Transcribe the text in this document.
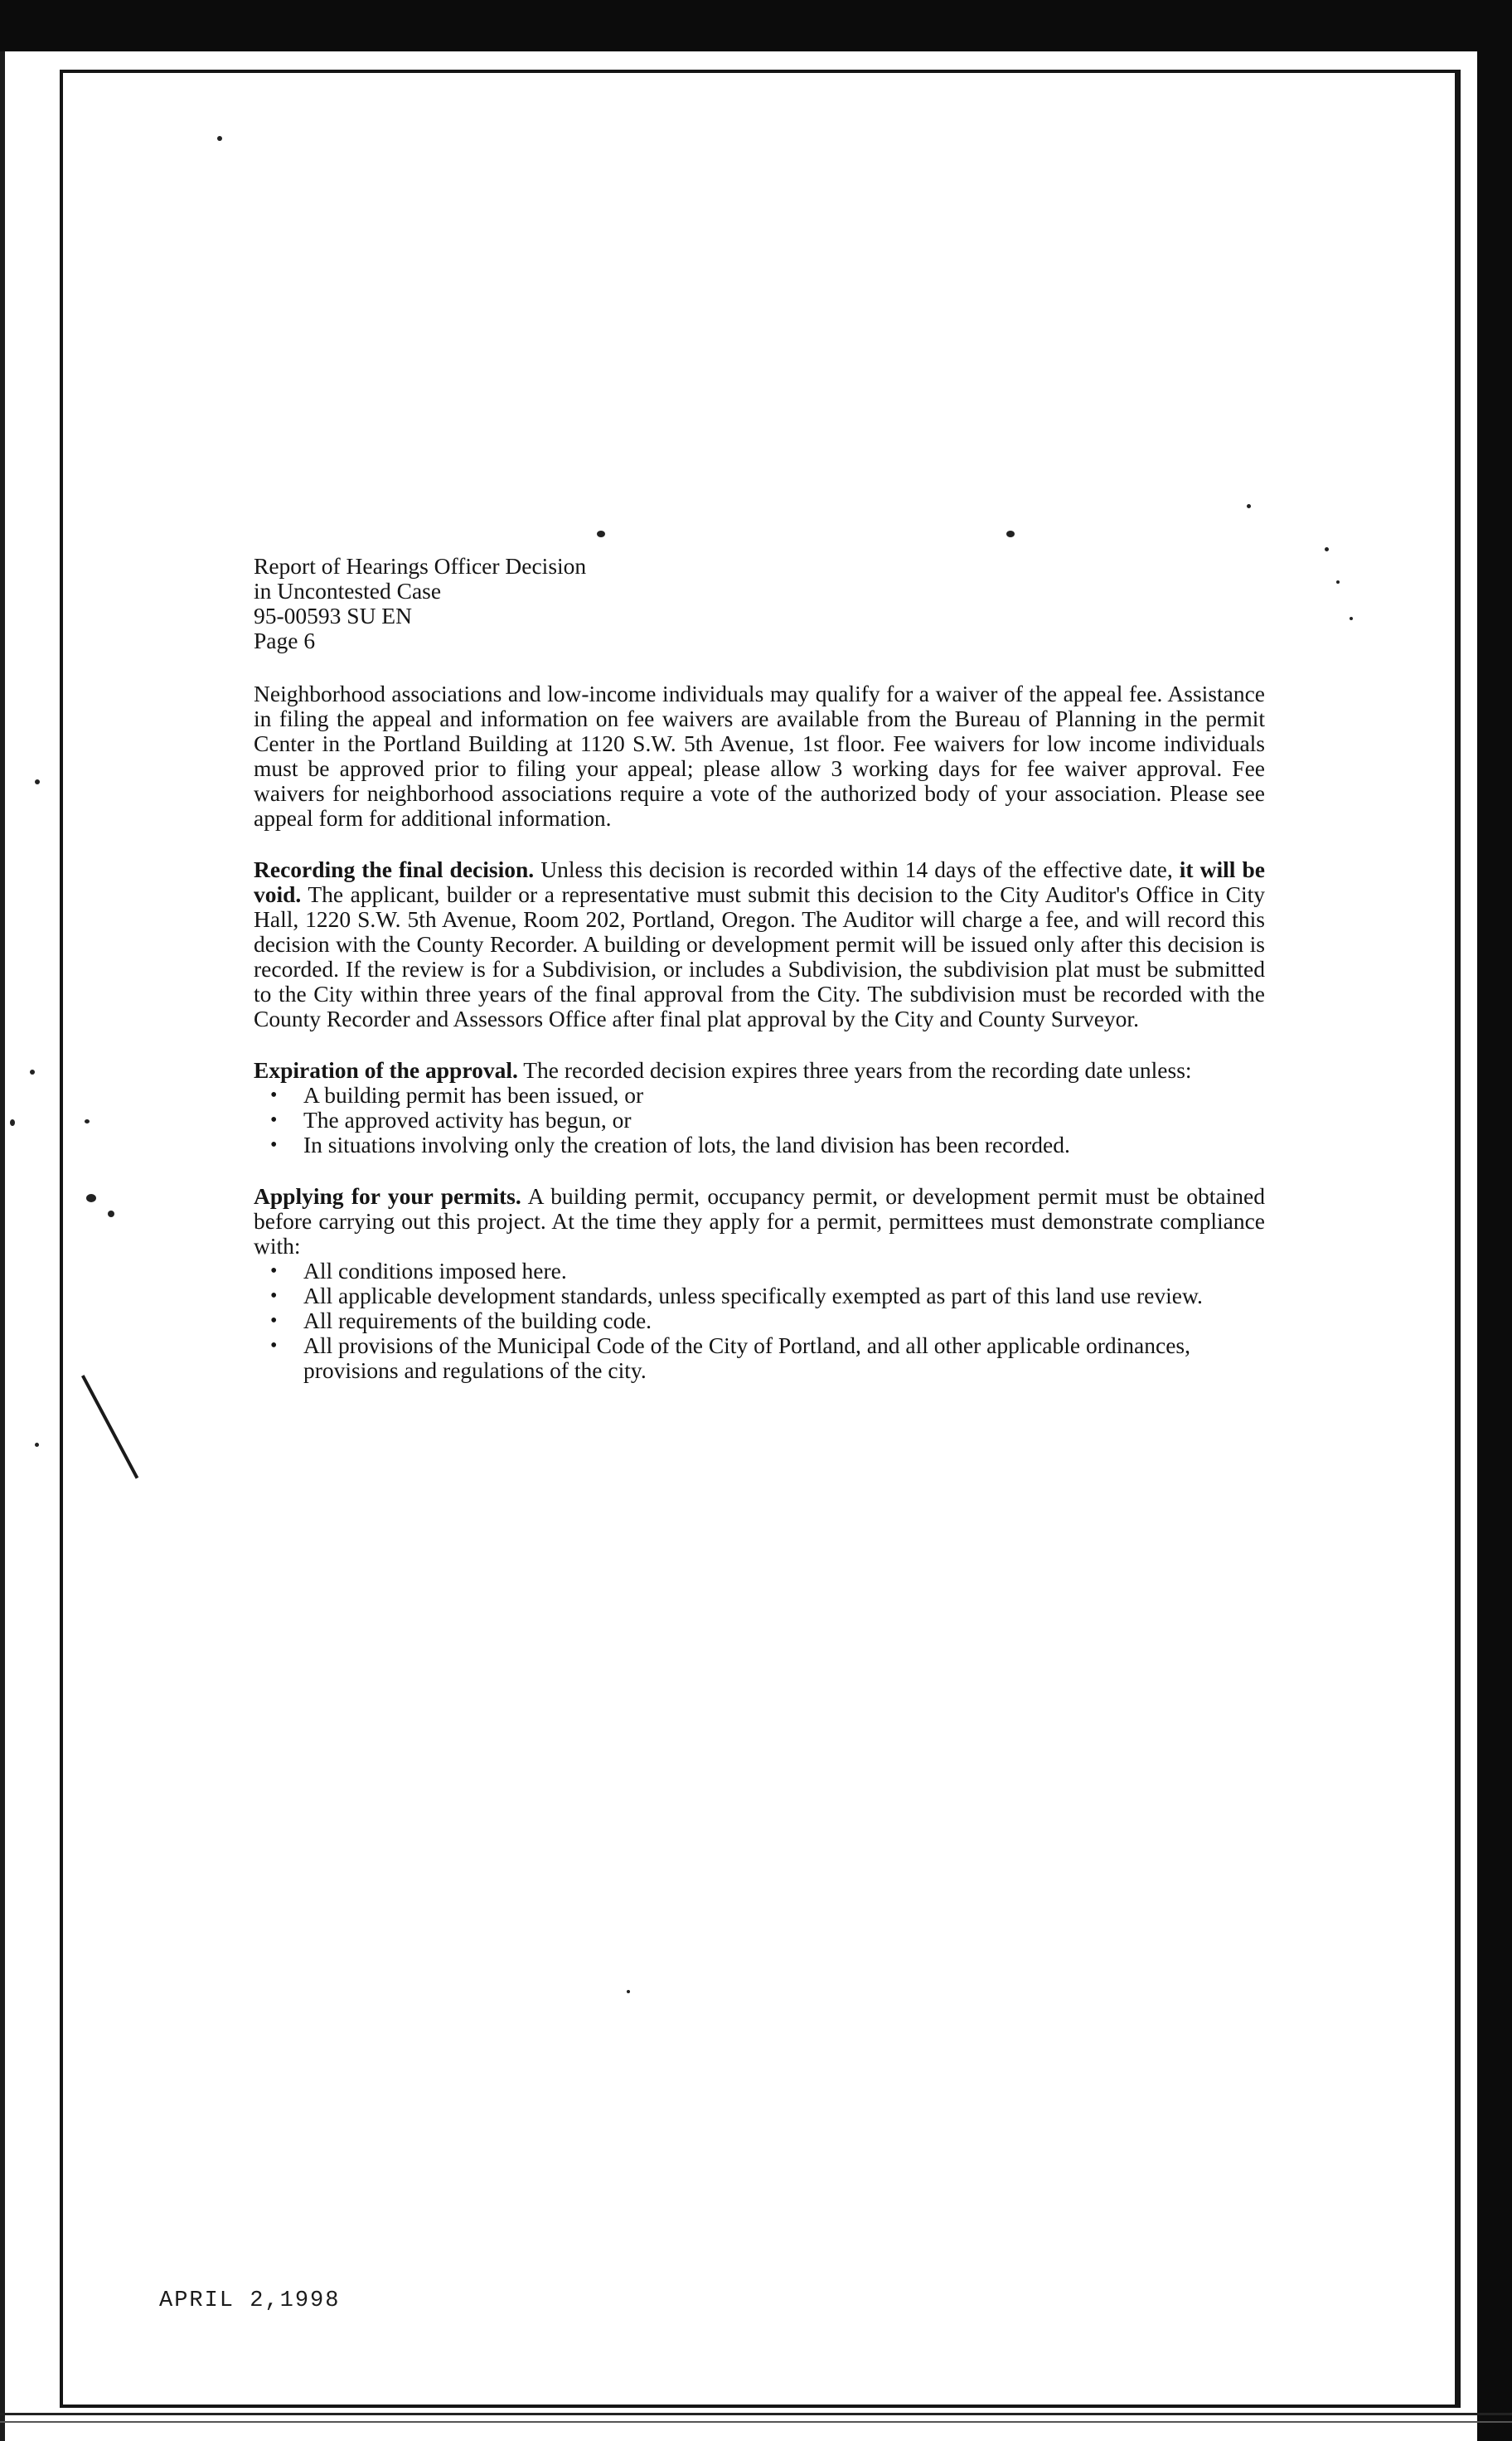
Report of Hearings Officer Decision
in Uncontested Case
95-00593 SU EN
Page 6

Neighborhood associations and low-income individuals may qualify for a waiver of the appeal fee. Assistance in filing the appeal and information on fee waivers are available from the Bureau of Planning in the permit Center in the Portland Building at 1120 S.W. 5th Avenue, 1st floor. Fee waivers for low income individuals must be approved prior to filing your appeal; please allow 3 working days for fee waiver approval. Fee waivers for neighborhood associations require a vote of the authorized body of your association. Please see appeal form for additional information.

Recording the final decision. Unless this decision is recorded within 14 days of the effective date, it will be void. The applicant, builder or a representative must submit this decision to the City Auditor's Office in City Hall, 1220 S.W. 5th Avenue, Room 202, Portland, Oregon. The Auditor will charge a fee, and will record this decision with the County Recorder. A building or development permit will be issued only after this decision is recorded. If the review is for a Subdivision, or includes a Subdivision, the subdivision plat must be submitted to the City within three years of the final approval from the City. The subdivision must be recorded with the County Recorder and Assessors Office after final plat approval by the City and County Surveyor.

Expiration of the approval. The recorded decision expires three years from the recording date unless:

• A building permit has been issued, or
• The approved activity has begun, or
• In situations involving only the creation of lots, the land division has been recorded.

Applying for your permits. A building permit, occupancy permit, or development permit must be obtained before carrying out this project. At the time they apply for a permit, permittees must demonstrate compliance with:

• All conditions imposed here.
• All applicable development standards, unless specifically exempted as part of this land use review.
• All requirements of the building code.
• All provisions of the Municipal Code of the City of Portland, and all other applicable ordinances, provisions and regulations of the city.
APRIL 2,1998
